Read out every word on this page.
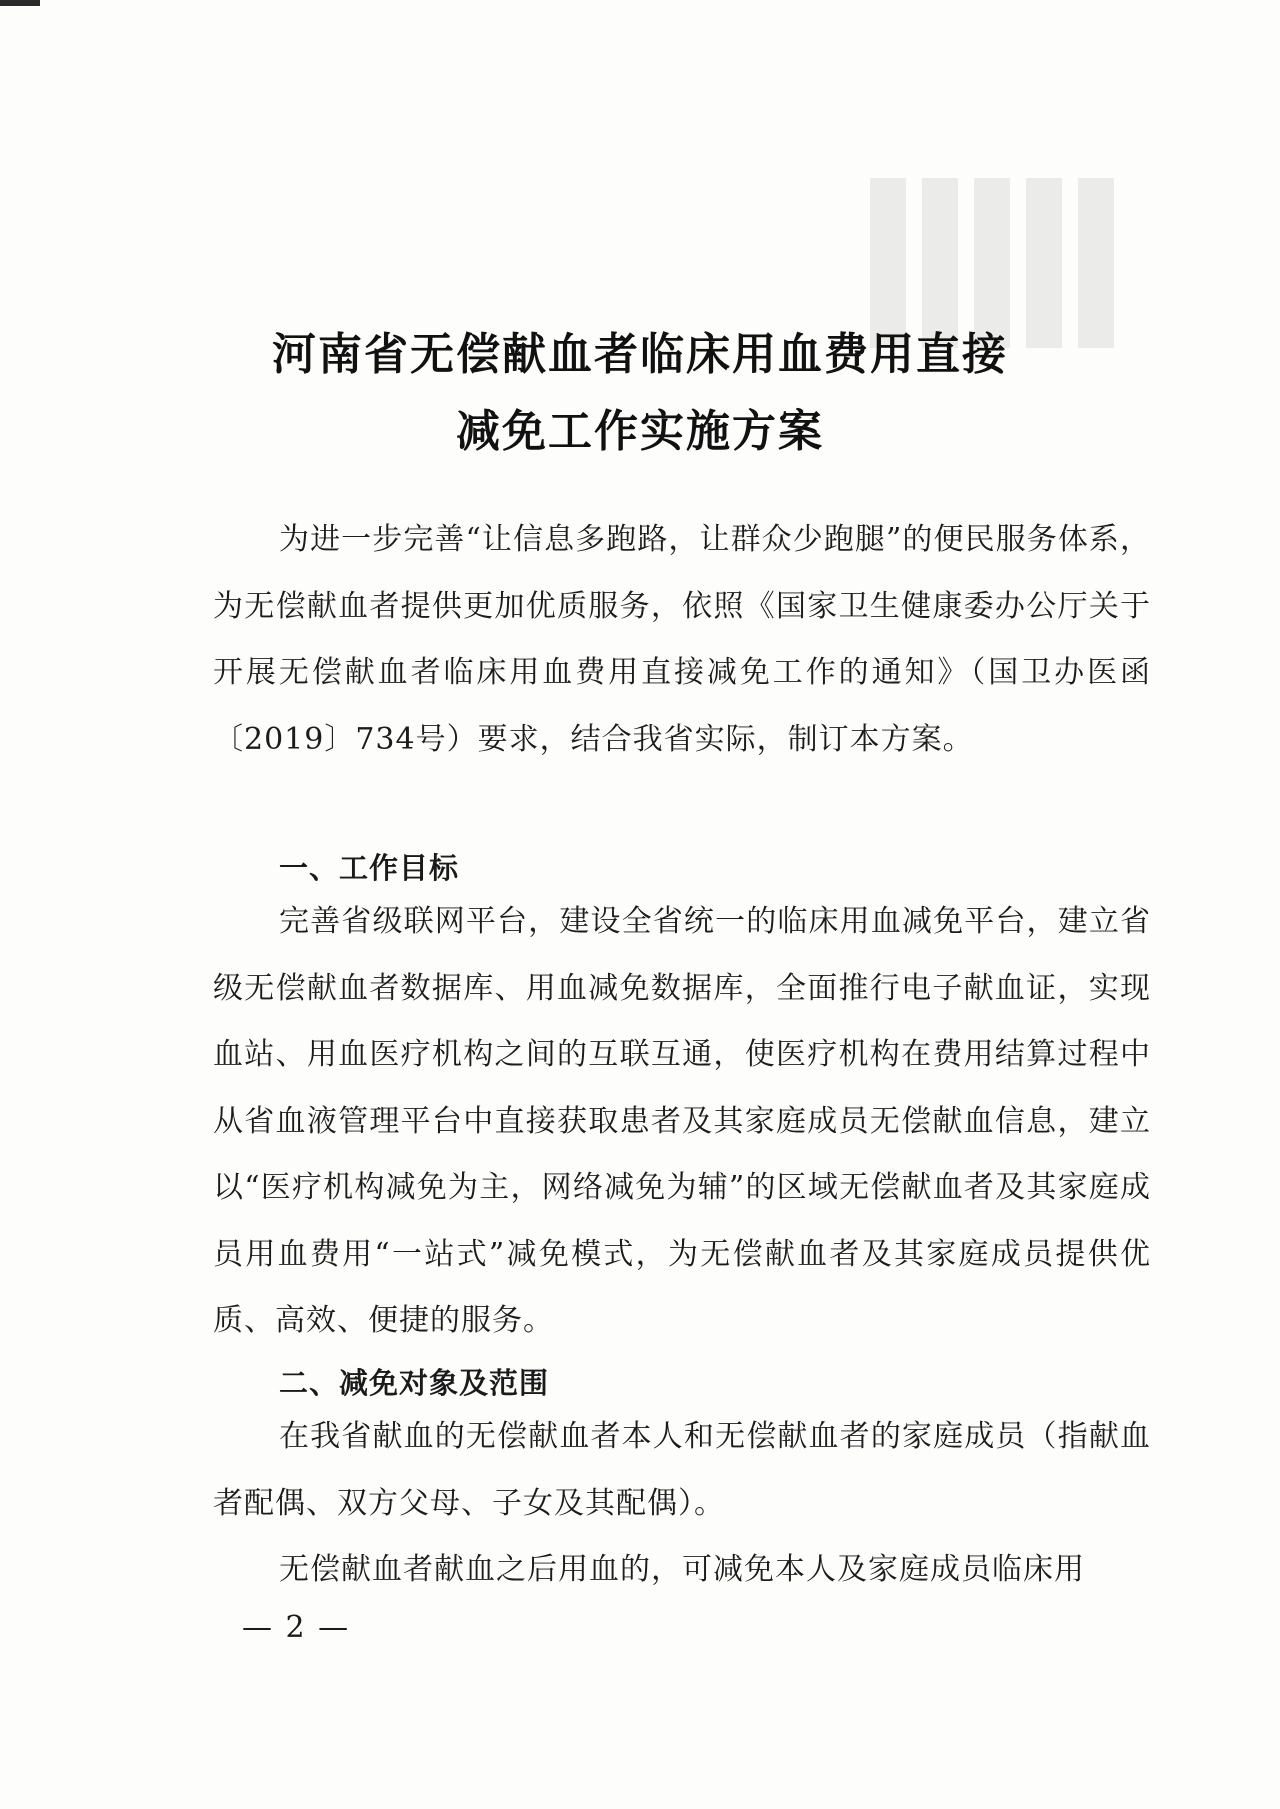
河南省无偿献血者临床用血费用直接
减免工作实施方案
为进一步完善“让信息多跑路，让群众少跑腿”的便民服务体系，为无偿献血者提供更加优质服务，依照《国家卫生健康委办公厅关于开展无偿献血者临床用血费用直接减免工作的通知》（国卫办医函〔2019〕734号）要求，结合我省实际，制订本方案。
一、工作目标
完善省级联网平台，建设全省统一的临床用血减免平台，建立省级无偿献血者数据库、用血减免数据库，全面推行电子献血证，实现血站、用血医疗机构之间的互联互通，使医疗机构在费用结算过程中从省血液管理平台中直接获取患者及其家庭成员无偿献血信息，建立以“医疗机构减免为主，网络减免为辅”的区域无偿献血者及其家庭成员用血费用“一站式”减免模式，为无偿献血者及其家庭成员提供优质、高效、便捷的服务。
二、减免对象及范围
在我省献血的无偿献血者本人和无偿献血者的家庭成员（指献血者配偶、双方父母、子女及其配偶）。
无偿献血者献血之后用血的，可减免本人及家庭成员临床用
— 2 —
